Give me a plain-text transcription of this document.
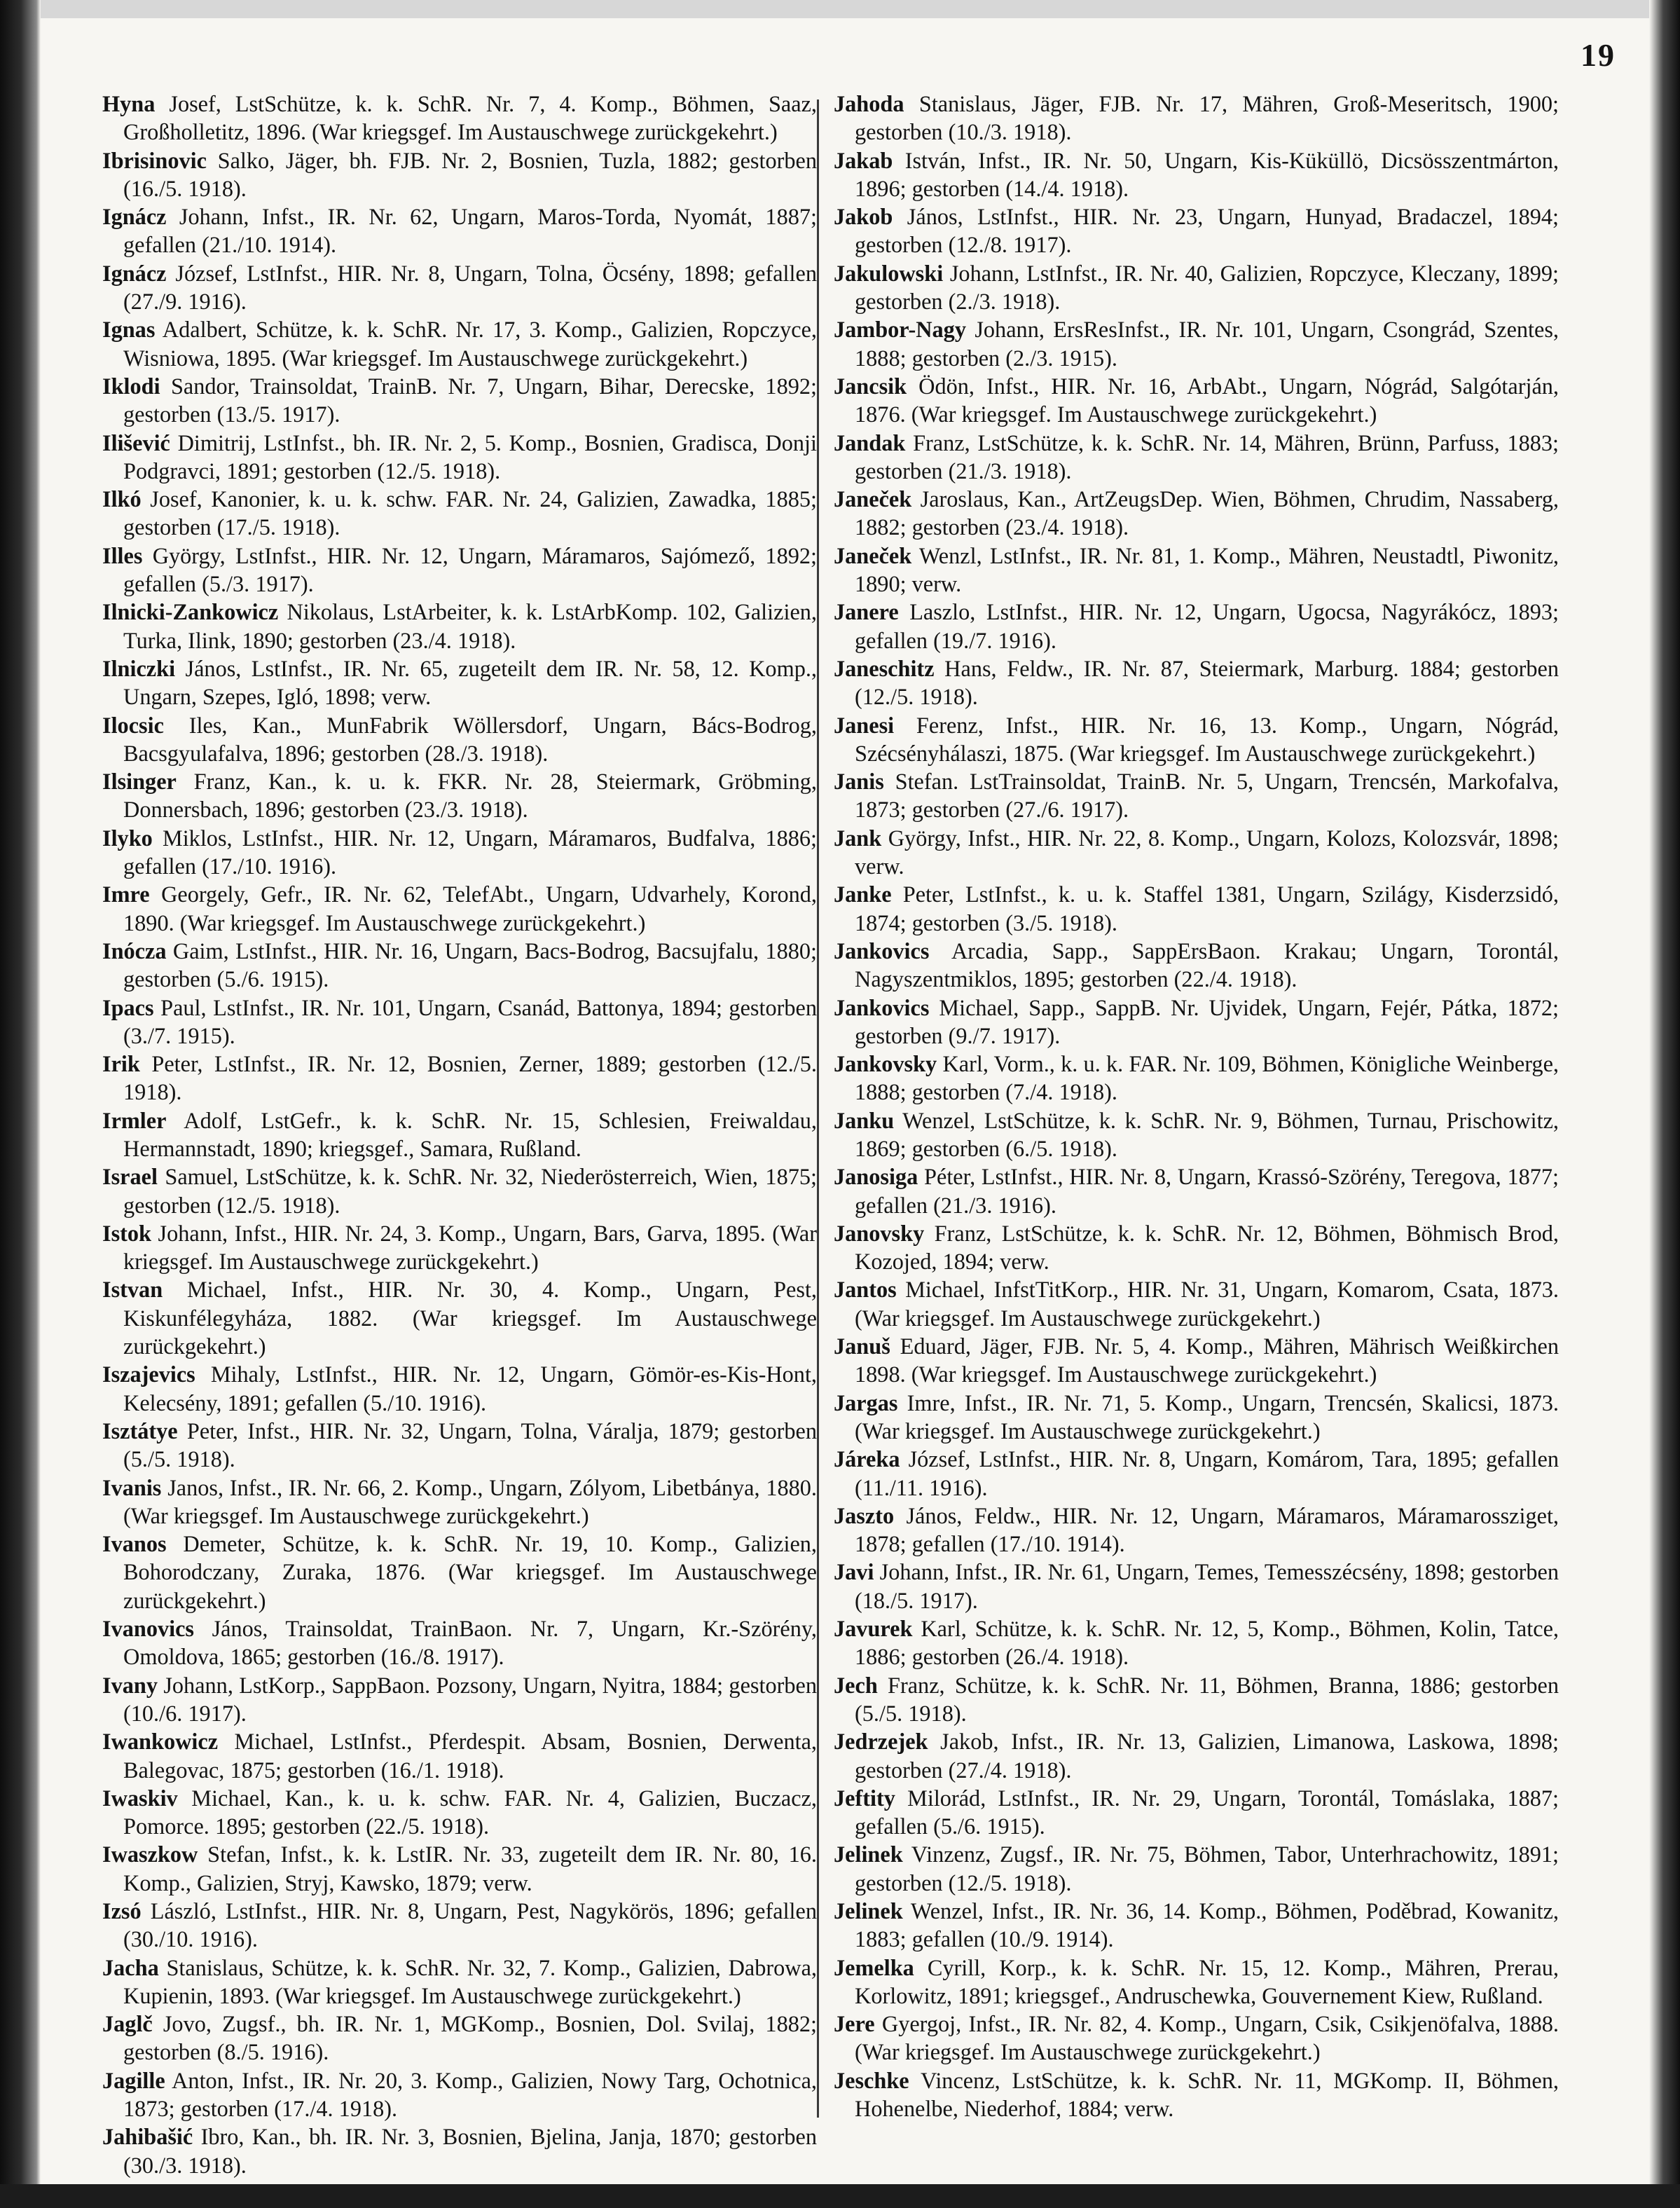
19
Hyna Josef, LstSchütze, k. k. SchR. Nr. 7, 4. Komp., Böhmen, Saaz, Großholletitz, 1896. (War kriegsgef. Im Austauschwege zurückgekehrt.)
Ibrisinovic Salko, Jäger, bh. FJB. Nr. 2, Bosnien, Tuzla, 1882; gestorben (16./5. 1918).
Ignácz Johann, Infst., IR. Nr. 62, Ungarn, Maros-Torda, Nyomát, 1887; gefallen (21./10. 1914).
Ignácz József, LstInfst., HIR. Nr. 8, Ungarn, Tolna, Öcsény, 1898; gefallen (27./9. 1916).
Ignas Adalbert, Schütze, k. k. SchR. Nr. 17, 3. Komp., Galizien, Ropczyce, Wisniowa, 1895. (War kriegsgef. Im Austauschwege zurückgekehrt.)
Iklodi Sandor, Trainsoldat, TrainB. Nr. 7, Ungarn, Bihar, Derecske, 1892; gestorben (13./5. 1917).
Ilišević Dimitrij, LstInfst., bh. IR. Nr. 2, 5. Komp., Bosnien, Gradisca, Donji Podgravci, 1891; gestorben (12./5. 1918).
Ilkó Josef, Kanonier, k. u. k. schw. FAR. Nr. 24, Galizien, Zawadka, 1885; gestorben (17./5. 1918).
Illes György, LstInfst., HIR. Nr. 12, Ungarn, Máramaros, Sajómező, 1892; gefallen (5./3. 1917).
Ilnicki-Zankowicz Nikolaus, LstArbeiter, k. k. LstArbKomp. 102, Galizien, Turka, Ilink, 1890; gestorben (23./4. 1918).
Ilniczki János, LstInfst., IR. Nr. 65, zugeteilt dem IR. Nr. 58, 12. Komp., Ungarn, Szepes, Igló, 1898; verw.
Ilocsic Iles, Kan., MunFabrik Wöllersdorf, Ungarn, Bács-Bodrog, Bacsgyulafalva, 1896; gestorben (28./3. 1918).
Ilsinger Franz, Kan., k. u. k. FKR. Nr. 28, Steiermark, Gröbming, Donnersbach, 1896; gestorben (23./3. 1918).
Ilyko Miklos, LstInfst., HIR. Nr. 12, Ungarn, Máramaros, Budfalva, 1886; gefallen (17./10. 1916).
Imre Georgely, Gefr., IR. Nr. 62, TelefAbt., Ungarn, Udvarhely, Korond, 1890. (War kriegsgef. Im Austauschwege zurückgekehrt.)
Inócza Gaim, LstInfst., HIR. Nr. 16, Ungarn, Bacs-Bodrog, Bacsujfalu, 1880; gestorben (5./6. 1915).
Ipacs Paul, LstInfst., IR. Nr. 101, Ungarn, Csanád, Battonya, 1894; gestorben (3./7. 1915).
Irik Peter, LstInfst., IR. Nr. 12, Bosnien, Zerner, 1889; gestorben (12./5. 1918).
Irmler Adolf, LstGefr., k. k. SchR. Nr. 15, Schlesien, Freiwaldau, Hermannstadt, 1890; kriegsgef., Samara, Rußland.
Israel Samuel, LstSchütze, k. k. SchR. Nr. 32, Niederösterreich, Wien, 1875; gestorben (12./5. 1918).
Istok Johann, Infst., HIR. Nr. 24, 3. Komp., Ungarn, Bars, Garva, 1895. (War kriegsgef. Im Austauschwege zurückgekehrt.)
Istvan Michael, Infst., HIR. Nr. 30, 4. Komp., Ungarn, Pest, Kiskunfélegyháza, 1882. (War kriegsgef. Im Austauschwege zurückgekehrt.)
Iszajevics Mihaly, LstInfst., HIR. Nr. 12, Ungarn, Gömör-es-Kis-Hont, Kelecsény, 1891; gefallen (5./10. 1916).
Isztátye Peter, Infst., HIR. Nr. 32, Ungarn, Tolna, Váralja, 1879; gestorben (5./5. 1918).
Ivanis Janos, Infst., IR. Nr. 66, 2. Komp., Ungarn, Zólyom, Libetbánya, 1880. (War kriegsgef. Im Austauschwege zurückgekehrt.)
Ivanos Demeter, Schütze, k. k. SchR. Nr. 19, 10. Komp., Galizien, Bohorodczany, Zuraka, 1876. (War kriegsgef. Im Austauschwege zurückgekehrt.)
Ivanovics János, Trainsoldat, TrainBaon. Nr. 7, Ungarn, Kr.-Szörény, Omoldova, 1865; gestorben (16./8. 1917).
Ivany Johann, LstKorp., SappBaon. Pozsony, Ungarn, Nyitra, 1884; gestorben (10./6. 1917).
Iwankowicz Michael, LstInfst., Pferdespit. Absam, Bosnien, Derwenta, Balegovac, 1875; gestorben (16./1. 1918).
Iwaskiv Michael, Kan., k. u. k. schw. FAR. Nr. 4, Galizien, Buczacz, Pomorce. 1895; gestorben (22./5. 1918).
Iwaszkow Stefan, Infst., k. k. LstIR. Nr. 33, zugeteilt dem IR. Nr. 80, 16. Komp., Galizien, Stryj, Kawsko, 1879; verw.
Izsó László, LstInfst., HIR. Nr. 8, Ungarn, Pest, Nagykörös, 1896; gefallen (30./10. 1916).
Jacha Stanislaus, Schütze, k. k. SchR. Nr. 32, 7. Komp., Galizien, Dabrowa, Kupienin, 1893. (War kriegsgef. Im Austauschwege zurückgekehrt.)
Jaglč Jovo, Zugsf., bh. IR. Nr. 1, MGKomp., Bosnien, Dol. Svilaj, 1882; gestorben (8./5. 1916).
Jagille Anton, Infst., IR. Nr. 20, 3. Komp., Galizien, Nowy Targ, Ochotnica, 1873; gestorben (17./4. 1918).
Jahibašić Ibro, Kan., bh. IR. Nr. 3, Bosnien, Bjelina, Janja, 1870; gestorben (30./3. 1918).
Jahoda Stanislaus, Jäger, FJB. Nr. 17, Mähren, Groß-Meseritsch, 1900; gestorben (10./3. 1918).
Jakab István, Infst., IR. Nr. 50, Ungarn, Kis-Küküllö, Dicsösszentmárton, 1896; gestorben (14./4. 1918).
Jakob János, LstInfst., HIR. Nr. 23, Ungarn, Hunyad, Bradaczel, 1894; gestorben (12./8. 1917).
Jakulowski Johann, LstInfst., IR. Nr. 40, Galizien, Ropczyce, Kleczany, 1899; gestorben (2./3. 1918).
Jambor-Nagy Johann, ErsResInfst., IR. Nr. 101, Ungarn, Csongrád, Szentes, 1888; gestorben (2./3. 1915).
Jancsik Ödön, Infst., HIR. Nr. 16, ArbAbt., Ungarn, Nógrád, Salgótarján, 1876. (War kriegsgef. Im Austauschwege zurückgekehrt.)
Jandak Franz, LstSchütze, k. k. SchR. Nr. 14, Mähren, Brünn, Parfuss, 1883; gestorben (21./3. 1918).
Janeček Jaroslaus, Kan., ArtZeugsDep. Wien, Böhmen, Chrudim, Nassaberg, 1882; gestorben (23./4. 1918).
Janeček Wenzl, LstInfst., IR. Nr. 81, 1. Komp., Mähren, Neustadtl, Piwonitz, 1890; verw.
Janere Laszlo, LstInfst., HIR. Nr. 12, Ungarn, Ugocsa, Nagyrákócz, 1893; gefallen (19./7. 1916).
Janeschitz Hans, Feldw., IR. Nr. 87, Steiermark, Marburg. 1884; gestorben (12./5. 1918).
Janesi Ferenz, Infst., HIR. Nr. 16, 13. Komp., Ungarn, Nógrád, Szécsényhálaszi, 1875. (War kriegsgef. Im Austauschwege zurückgekehrt.)
Janis Stefan. LstTrainsoldat, TrainB. Nr. 5, Ungarn, Trencsén, Markofalva, 1873; gestorben (27./6. 1917).
Jank György, Infst., HIR. Nr. 22, 8. Komp., Ungarn, Kolozs, Kolozsvár, 1898; verw.
Janke Peter, LstInfst., k. u. k. Staffel 1381, Ungarn, Szilágy, Kisderzsidó, 1874; gestorben (3./5. 1918).
Jankovics Arcadia, Sapp., SappErsBaon. Krakau; Ungarn, Torontál, Nagyszentmiklos, 1895; gestorben (22./4. 1918).
Jankovics Michael, Sapp., SappB. Nr. Ujvidek, Ungarn, Fejér, Pátka, 1872; gestorben (9./7. 1917).
Jankovsky Karl, Vorm., k. u. k. FAR. Nr. 109, Böhmen, Königliche Weinberge, 1888; gestorben (7./4. 1918).
Janku Wenzel, LstSchütze, k. k. SchR. Nr. 9, Böhmen, Turnau, Prischowitz, 1869; gestorben (6./5. 1918).
Janosiga Péter, LstInfst., HIR. Nr. 8, Ungarn, Krassó-Szörény, Teregova, 1877; gefallen (21./3. 1916).
Janovsky Franz, LstSchütze, k. k. SchR. Nr. 12, Böhmen, Böhmisch Brod, Kozojed, 1894; verw.
Jantos Michael, InfstTitKorp., HIR. Nr. 31, Ungarn, Komarom, Csata, 1873. (War kriegsgef. Im Austauschwege zurückgekehrt.)
Januš Eduard, Jäger, FJB. Nr. 5, 4. Komp., Mähren, Mährisch Weißkirchen 1898. (War kriegsgef. Im Austauschwege zurückgekehrt.)
Jargas Imre, Infst., IR. Nr. 71, 5. Komp., Ungarn, Trencsén, Skalicsi, 1873. (War kriegsgef. Im Austauschwege zurückgekehrt.)
Járeka József, LstInfst., HIR. Nr. 8, Ungarn, Komárom, Tara, 1895; gefallen (11./11. 1916).
Jaszto János, Feldw., HIR. Nr. 12, Ungarn, Máramaros, Máramarossziget, 1878; gefallen (17./10. 1914).
Javi Johann, Infst., IR. Nr. 61, Ungarn, Temes, Temesszécsény, 1898; gestorben (18./5. 1917).
Javurek Karl, Schütze, k. k. SchR. Nr. 12, 5, Komp., Böhmen, Kolin, Tatce, 1886; gestorben (26./4. 1918).
Jech Franz, Schütze, k. k. SchR. Nr. 11, Böhmen, Branna, 1886; gestorben (5./5. 1918).
Jedrzejek Jakob, Infst., IR. Nr. 13, Galizien, Limanowa, Laskowa, 1898; gestorben (27./4. 1918).
Jeftity Milorád, LstInfst., IR. Nr. 29, Ungarn, Torontál, Tomáslaka, 1887; gefallen (5./6. 1915).
Jelinek Vinzenz, Zugsf., IR. Nr. 75, Böhmen, Tabor, Unterhrachowitz, 1891; gestorben (12./5. 1918).
Jelinek Wenzel, Infst., IR. Nr. 36, 14. Komp., Böhmen, Poděbrad, Kowanitz, 1883; gefallen (10./9. 1914).
Jemelka Cyrill, Korp., k. k. SchR. Nr. 15, 12. Komp., Mähren, Prerau, Korlowitz, 1891; kriegsgef., Andruschewka, Gouvernement Kiew, Rußland.
Jere Gyergoj, Infst., IR. Nr. 82, 4. Komp., Ungarn, Csik, Csikjenöfalva, 1888. (War kriegsgef. Im Austauschwege zurückgekehrt.)
Jeschke Vincenz, LstSchütze, k. k. SchR. Nr. 11, MGKomp. II, Böhmen, Hohenelbe, Niederhof, 1884; verw.
